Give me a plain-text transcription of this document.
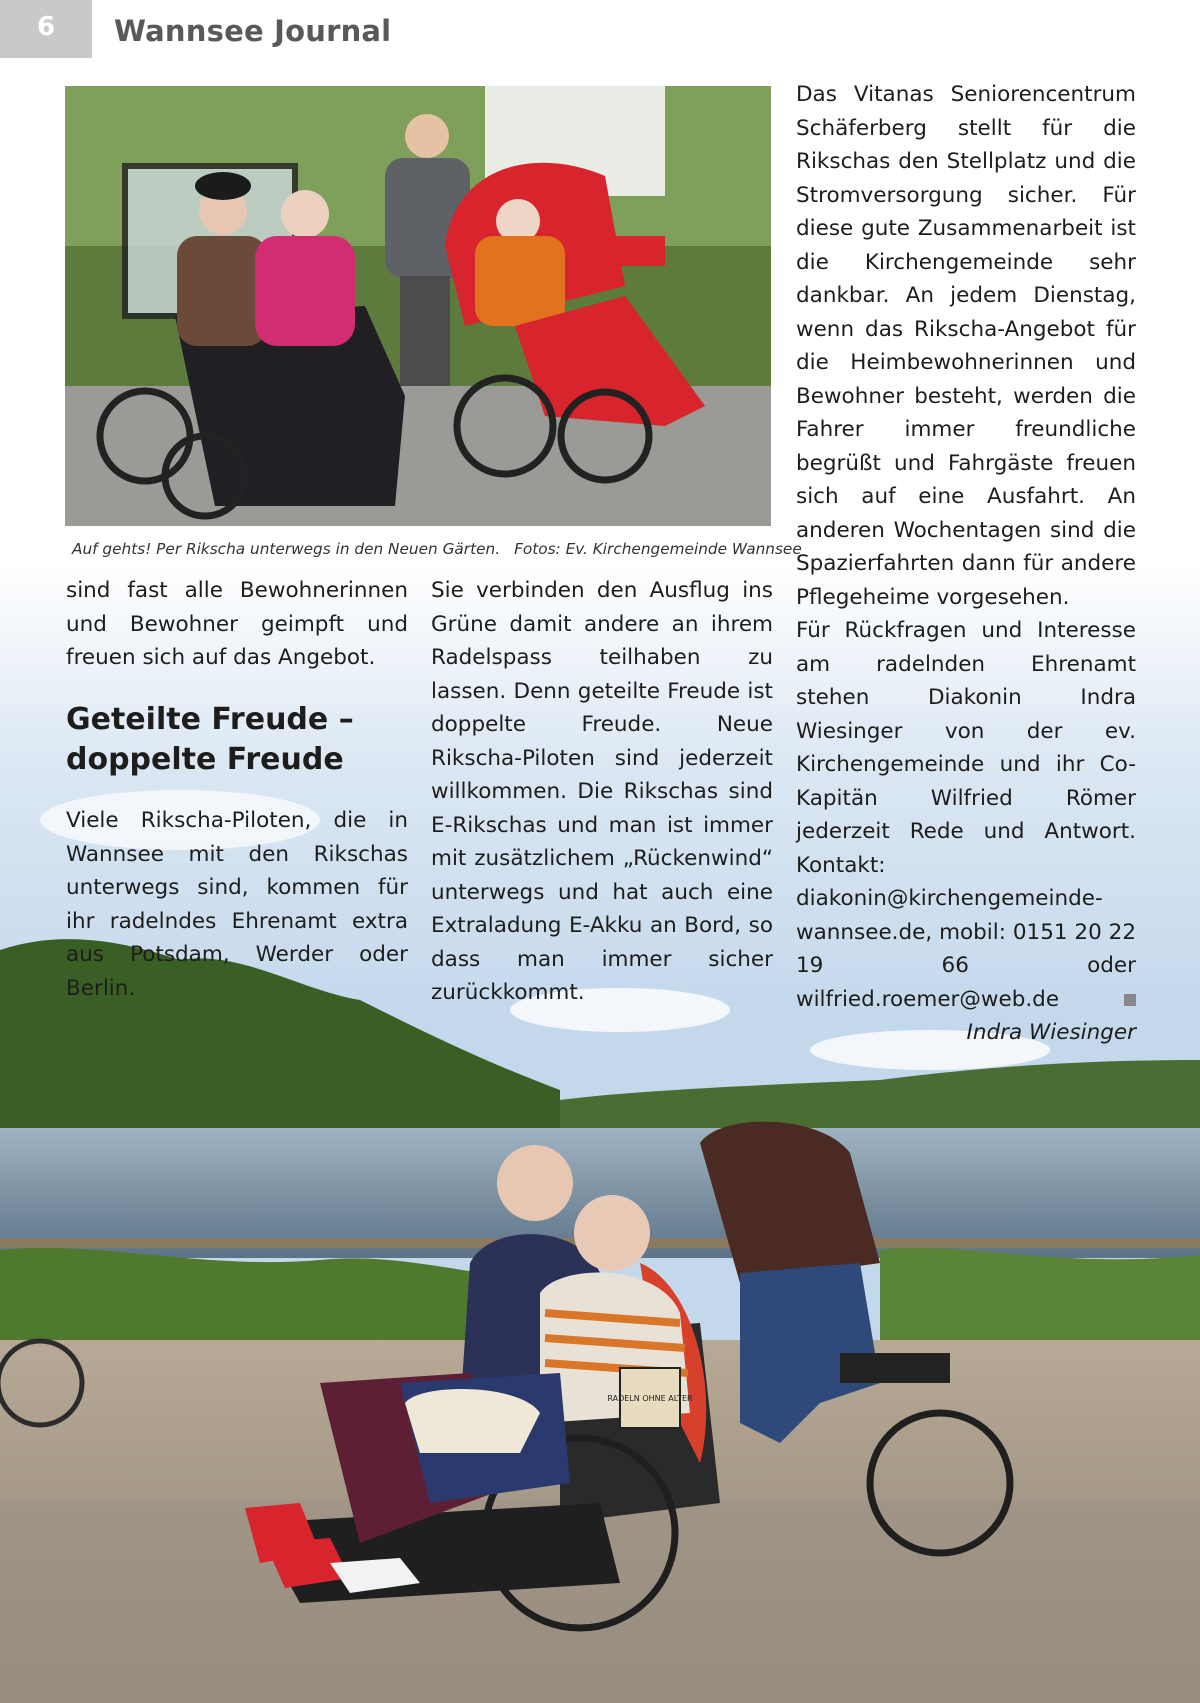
6	Wannsee Journal
Auf gehts! Per Rikscha unterwegs in den Neuen Gärten. Fotos: Ev. Kirchengemeinde Wannsee
RADELN OHNE ALTER

sind fast alle Bewohnerinnen und Bewohner geimpft und freuen sich auf das Angebot.

Geteilte Freude –
doppelte Freude

Viele Rikscha-Piloten, die in Wannsee mit den Rikschas unterwegs sind, kommen für ihr radelndes Ehrenamt extra aus Potsdam, Werder oder Berlin.

Sie verbinden den Ausflug ins Grüne damit andere an ihrem Radelspass teilhaben zu lassen. Denn geteilte Freude ist doppelte Freude. Neue Rikscha-Piloten sind jederzeit willkommen. Die Rikschas sind E-Rikschas und man ist immer mit zusätzlichem „Rückenwind“ unterwegs und hat auch eine Extraladung E-Akku an Bord, so dass man immer sicher zurückkommt.

Das Vitanas Seniorencentrum Schäferberg stellt für die Rikschas den Stellplatz und die Stromversorgung sicher. Für diese gute Zusammenarbeit ist die Kirchengemeinde sehr dankbar. An jedem Dienstag, wenn das Rikscha-Angebot für die Heimbewohnerinnen und Bewohner besteht, werden die Fahrer immer freundliche begrüßt und Fahrgäste freuen sich auf eine Ausfahrt. An anderen Wochentagen sind die Spazierfahrten dann für andere Pflegeheime vorgesehen.

Für Rückfragen und Interesse am radelnden Ehrenamt stehen Diakonin Indra Wiesinger von der ev. Kirchengemeinde und ihr Co-Kapitän Wilfried Römer jederzeit Rede und Antwort. Kontakt: diakonin@kirchengemeinde-wannsee.de, mobil: 0151 20 22 19 66 oder wilfried.roemer@web.de

Indra Wiesinger
